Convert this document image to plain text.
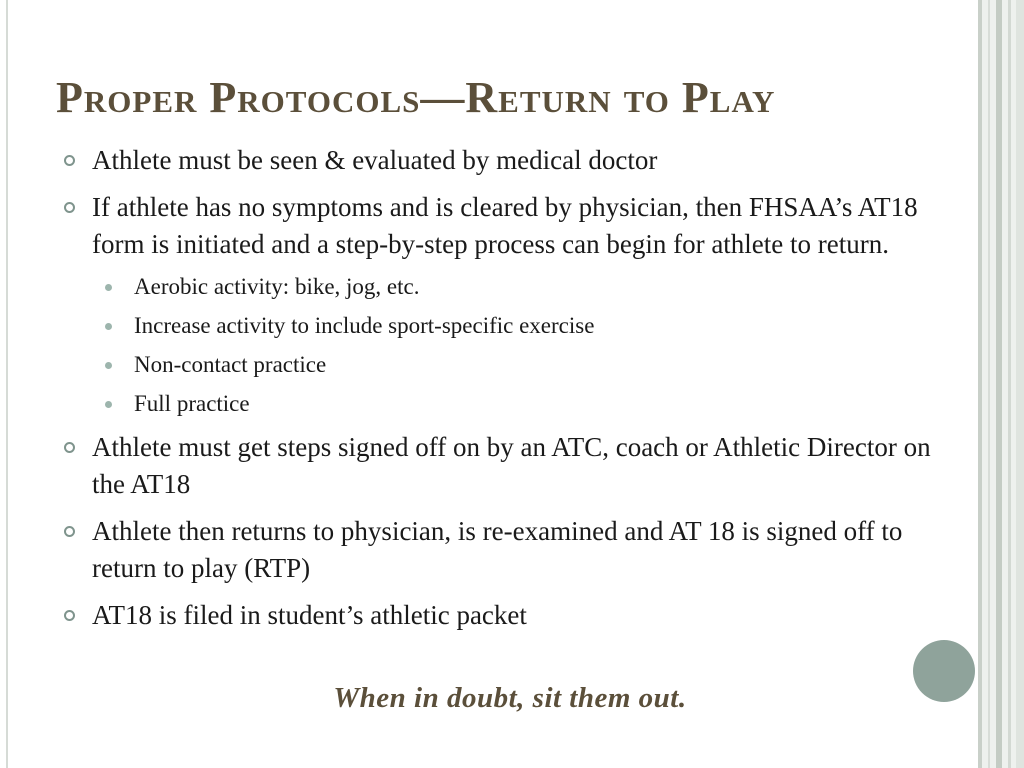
Proper Protocols—Return to Play
Athlete must be seen & evaluated by medical doctor
If athlete has no symptoms and is cleared by physician, then FHSAA’s AT18 form is initiated and a step-by-step process can begin for athlete to return.
Aerobic activity: bike, jog, etc.
Increase activity to include sport-specific exercise
Non-contact practice
Full practice
Athlete must get steps signed off on by an ATC, coach or Athletic Director on the AT18
Athlete then returns to physician, is re-examined and AT 18 is signed off to return to play (RTP)
AT18 is filed in student’s athletic packet
When in doubt, sit them out.
